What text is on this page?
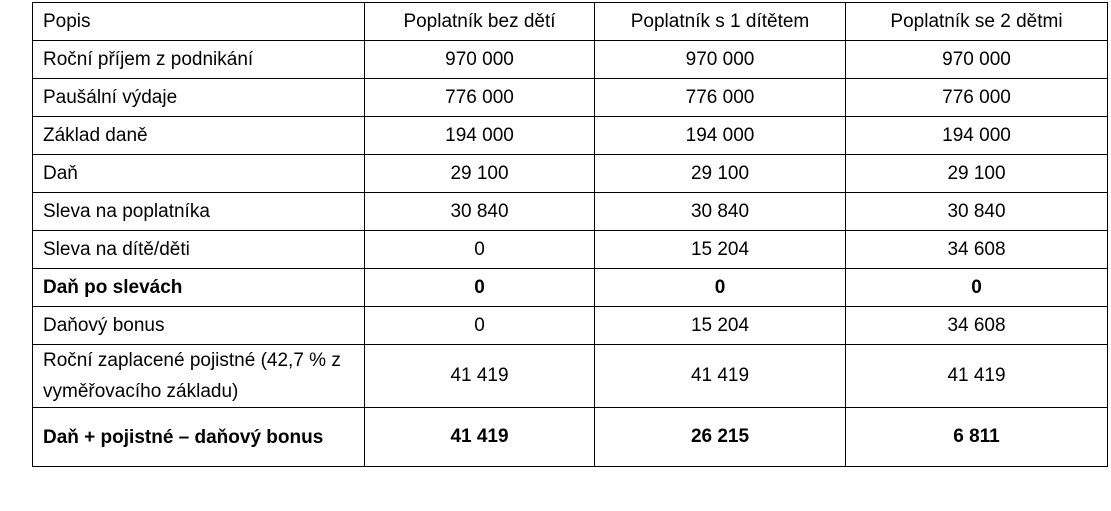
Popis	Poplatník bez dětí	Poplatník s 1 dítětem	Poplatník se 2 dětmi
Roční příjem z podnikání	970 000	970 000	970 000
Paušální výdaje	776 000	776 000	776 000
Základ daně	194 000	194 000	194 000
Daň	29 100	29 100	29 100
Sleva na poplatníka	30 840	30 840	30 840
Sleva na dítě/děti	0	15 204	34 608
Daň po slevách	0	0	0
Daňový bonus	0	15 204	34 608
Roční zaplacené pojistné (42,7 % z vyměřovacího základu)	41 419	41 419	41 419
Daň + pojistné – daňový bonus	41 419	26 215	6 811
